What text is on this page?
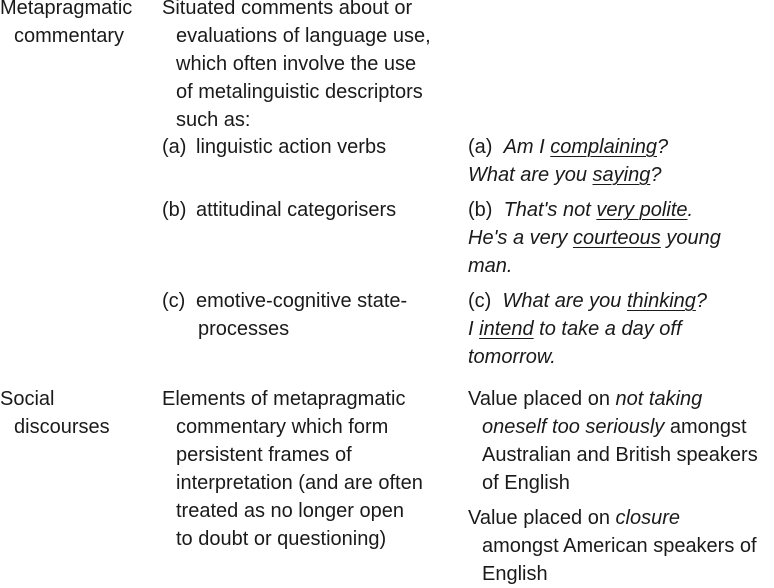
Metapragmatic
commentary
Situated comments about or
evaluations of language use,
which often involve the use
of metalinguistic descriptors
such as:
(a) linguistic action verbs	(a) Am I complaining?
What are you saying?
(b) attitudinal categorisers	(b) That's not very polite.
He's a very courteous young
man.
(c) emotive-cognitive state-
processes
(c) What are you thinking?
I intend to take a day off
tomorrow.
Social
discourses
Elements of metapragmatic
commentary which form
persistent frames of
interpretation (and are often
treated as no longer open
to doubt or questioning)
Value placed on not taking
oneself too seriously amongst
Australian and British speakers
of English
Value placed on closure
amongst American speakers of
English
